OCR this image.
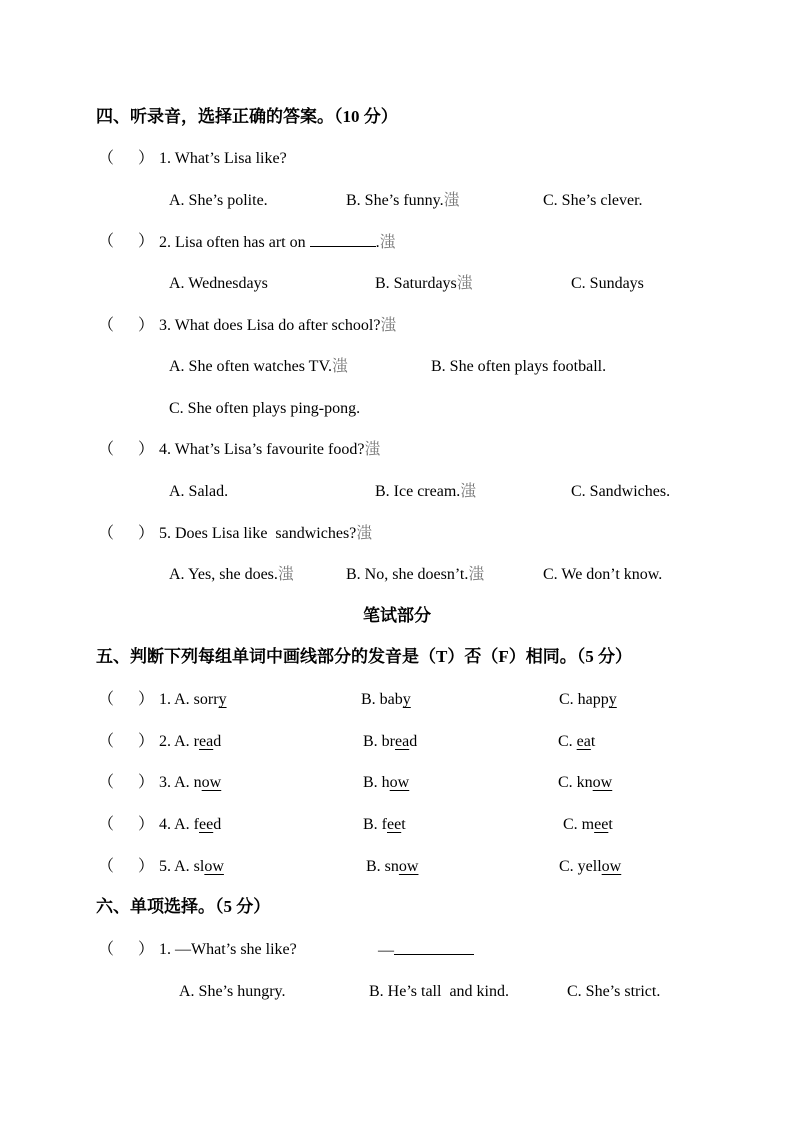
四、听录音，选择正确的答案。（10 分）
（      ） 1. What’s Lisa like?
A. She’s polite.	B. She’s funny.滍	C. She’s clever.
（      ） 2. Lisa often has art on	.滍
A. Wednesdays	B. Saturdays滍	C. Sundays
（      ） 3. What does Lisa do after school?滍
A. She often watches TV.滍	B. She often plays football.
C. She often plays ping-pong.
（      ） 4. What’s Lisa’s favourite food?滍
A. Salad.	B. Ice cream.滍	C. Sandwiches.
（      ） 5. Does Lisa like  sandwiches?滍
A. Yes, she does.滍	B. No, she doesn’t.滍	C. We don’t know.
笔试部分
五、判断下列每组单词中画线部分的发音是（T）否（F）相同。（5 分）
（      ） 1. A. sorry	B. baby	C. happy
（      ） 2. A. read	B. bread	C. eat
（      ） 3. A. now	B. how	C. know
（      ） 4. A. feed	B. feet	C. meet
（      ） 5. A. slow	B. snow	C. yellow
六、单项选择。（5 分）
（      ） 1. —What’s she like?	—
A. She’s hungry.	B. He’s tall  and kind.	C. She’s strict.
